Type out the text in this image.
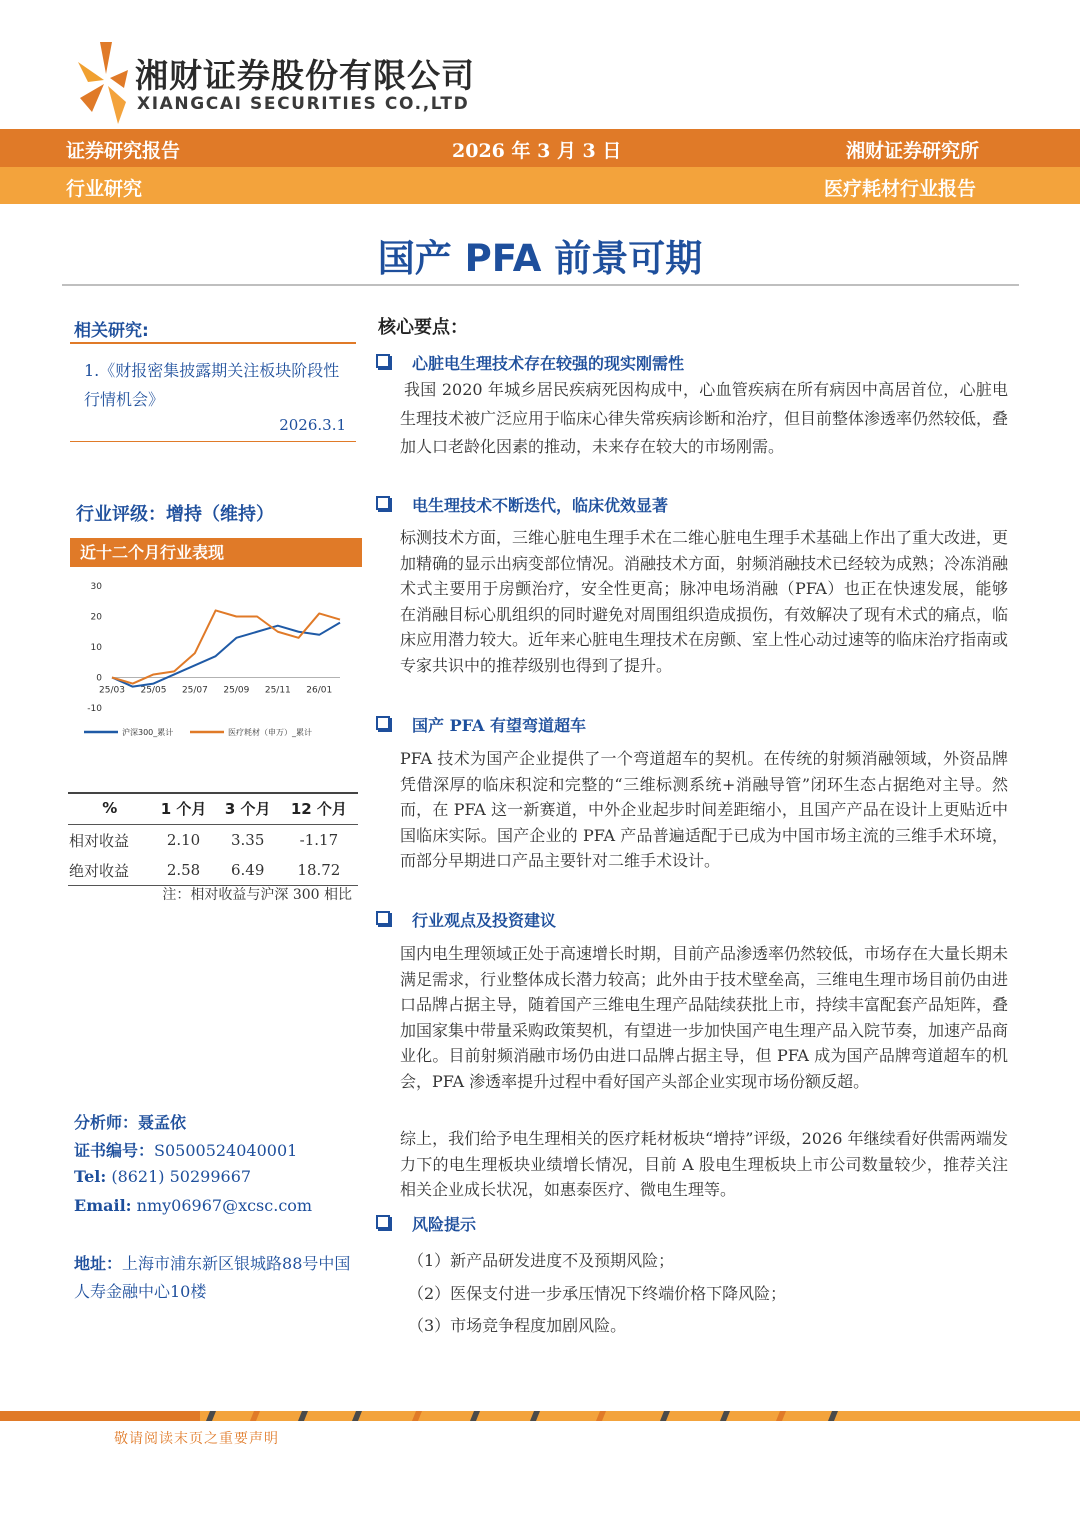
湘财证券股份有限公司
XIANGCAI SECURITIES CO.,LTD
证券研究报告	2026 年 3 月 3 日	湘财证券研究所
行业研究	医疗耗材行业报告
国产 PFA 前景可期
相关研究:
1.《财报密集披露期关注板块阶段性行情机会》
2026.3.1
行业评级：增持（维持）
近十二个月行业表现
-10
0
10
20
30
25/03 25/05 25/07 25/09 25/11 26/01
沪深300_累计	医疗耗材（申万）_累计
%	1 个月	3 个月	12 个月
相对收益	2.10	3.35	-1.17
绝对收益	2.58	6.49	18.72
注：相对收益与沪深 300 相比
分析师：聂孟依
证书编号：S0500524040001
Tel: (8621) 50299667
Email: nmy06967@xcsc.com
地址：上海市浦东新区银城路88号中国人寿金融中心10楼
核心要点：
心脏电生理技术存在较强的现实刚需性
我国 2020 年城乡居民疾病死因构成中，心血管疾病在所有病因中高居首位，心脏电生理技术被广泛应用于临床心律失常疾病诊断和治疗，但目前整体渗透率仍然较低，叠加人口老龄化因素的推动，未来存在较大的市场刚需。
电生理技术不断迭代，临床优效显著
标测技术方面，三维心脏电生理手术在二维心脏电生理手术基础上作出了重大改进，更加精确的显示出病变部位情况。消融技术方面，射频消融技术已经较为成熟；冷冻消融术式主要用于房颤治疗，安全性更高；脉冲电场消融（PFA）也正在快速发展，能够在消融目标心肌组织的同时避免对周围组织造成损伤，有效解决了现有术式的痛点，临床应用潜力较大。近年来心脏电生理技术在房颤、室上性心动过速等的临床治疗指南或专家共识中的推荐级别也得到了提升。
国产 PFA 有望弯道超车
PFA 技术为国产企业提供了一个弯道超车的契机。在传统的射频消融领域，外资品牌凭借深厚的临床积淀和完整的“三维标测系统+消融导管”闭环生态占据绝对主导。然而，在 PFA 这一新赛道，中外企业起步时间差距缩小，且国产产品在设计上更贴近中国临床实际。国产企业的 PFA 产品普遍适配于已成为中国市场主流的三维手术环境，而部分早期进口产品主要针对二维手术设计。
行业观点及投资建议
国内电生理领域正处于高速增长时期，目前产品渗透率仍然较低，市场存在大量长期未满足需求，行业整体成长潜力较高；此外由于技术壁垒高，三维电生理市场目前仍由进口品牌占据主导，随着国产三维电生理产品陆续获批上市，持续丰富配套产品矩阵，叠加国家集中带量采购政策契机，有望进一步加快国产电生理产品入院节奏，加速产品商业化。目前射频消融市场仍由进口品牌占据主导，但 PFA 成为国产品牌弯道超车的机会，PFA 渗透率提升过程中看好国产头部企业实现市场份额反超。
综上，我们给予电生理相关的医疗耗材板块“增持”评级，2026 年继续看好供需两端发力下的电生理板块业绩增长情况，目前 A 股电生理板块上市公司数量较少，推荐关注相关企业成长状况，如惠泰医疗、微电生理等。
风险提示
（1）新产品研发进度不及预期风险；
（2）医保支付进一步承压情况下终端价格下降风险；
（3）市场竞争程度加剧风险。
敬请阅读末页之重要声明
